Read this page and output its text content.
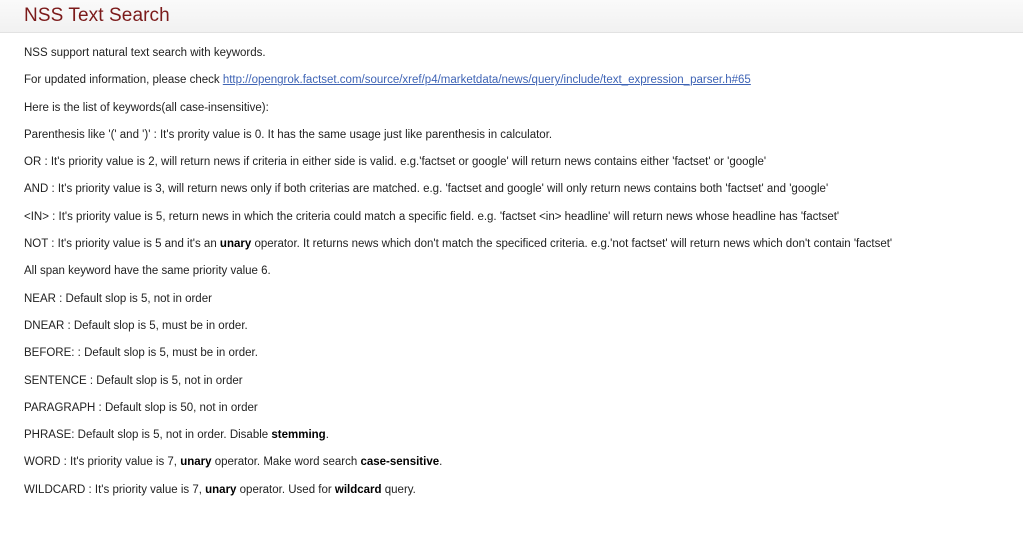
NSS Text Search

NSS support natural text search with keywords.

For updated information, please check http://opengrok.factset.com/source/xref/p4/marketdata/news/query/include/text_expression_parser.h#65

Here is the list of keywords(all case-insensitive):

Parenthesis like '(' and ')' : It's prority value is 0. It has the same usage just like parenthesis in calculator.

OR : It's priority value is 2, will return news if criteria in either side is valid. e.g.'factset or google' will return news contains either 'factset' or 'google'

AND : It's priority value is 3, will return news only if both criterias are matched. e.g. 'factset and google' will only return news contains both 'factset' and 'google'

<IN> : It's priority value is 5, return news in which the criteria could match a specific field. e.g. 'factset <in> headline' will return news whose headline has 'factset'

NOT : It's priority value is 5 and it's an unary operator. It returns news which don't match the specificed criteria. e.g.'not factset' will return news which don't contain 'factset'

All span keyword have the same priority value 6.

NEAR : Default slop is 5, not in order

DNEAR : Default slop is 5, must be in order.

BEFORE: : Default slop is 5, must be in order.

SENTENCE : Default slop is 5, not in order

PARAGRAPH : Default slop is 50, not in order

PHRASE: Default slop is 5, not in order. Disable stemming.

WORD : It's priority value is 7, unary operator. Make word search case-sensitive.

WILDCARD : It's priority value is 7, unary operator. Used for wildcard query.
